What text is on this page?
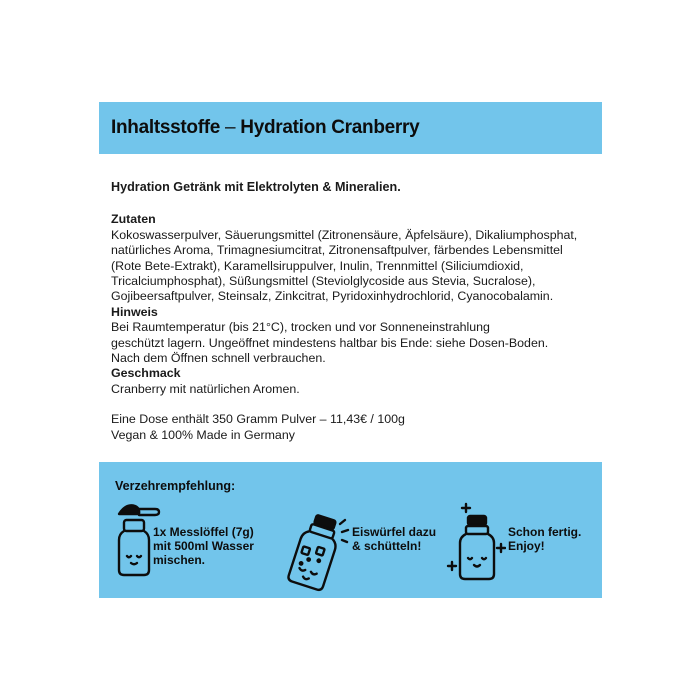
Inhaltsstoffe – Hydration Cranberry
Hydration Getränk mit Elektrolyten & Mineralien.
Zutaten
Kokoswasserpulver, Säuerungsmittel (Zitronensäure, Äpfelsäure), Dikaliumphosphat,
natürliches Aroma, Trimagnesiumcitrat, Zitronensaftpulver, färbendes Lebensmittel
(Rote Bete-Extrakt), Karamellsiruppulver, Inulin, Trennmittel (Siliciumdioxid,
Tricalciumphosphat), Süßungsmittel (Steviolglycoside aus Stevia, Sucralose),
Gojibeersaftpulver, Steinsalz, Zinkcitrat, Pyridoxinhydrochlorid, Cyanocobalamin.
Hinweis
Bei Raumtemperatur (bis 21°C), trocken und vor Sonneneinstrahlung
geschützt lagern. Ungeöffnet mindestens haltbar bis Ende: siehe Dosen-Boden.
Nach dem Öffnen schnell verbrauchen.
Geschmack
Cranberry mit natürlichen Aromen.
Eine Dose enthält 350 Gramm Pulver – 11,43€ / 100g
Vegan & 100% Made in Germany
Verzehrempfehlung:
1x Messlöffel (7g)
mit 500ml Wasser
mischen.
Eiswürfel dazu
& schütteln!
Schon fertig.
Enjoy!
